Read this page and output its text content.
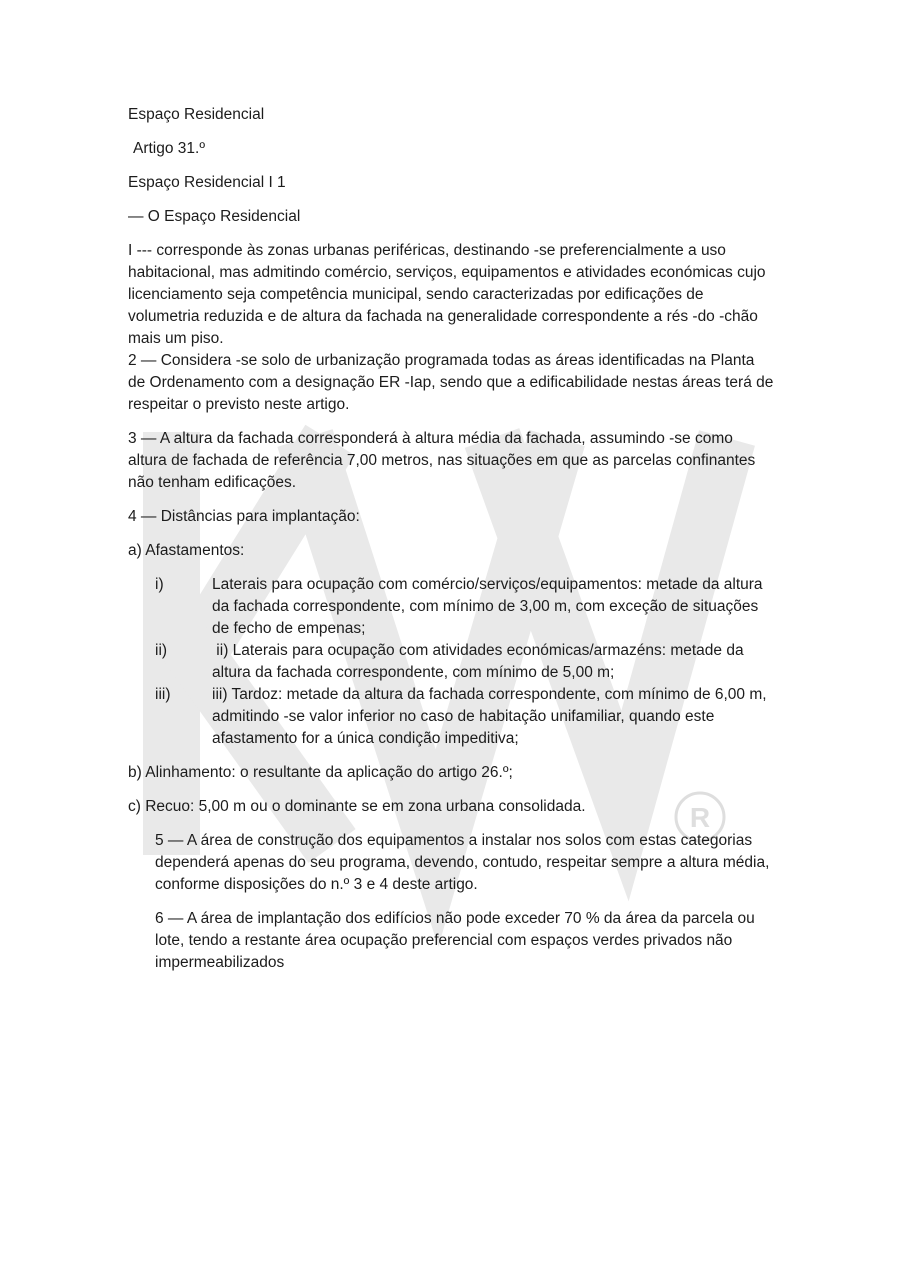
R

Espaço Residencial

Artigo 31.º

Espaço Residencial I 1

— O Espaço Residencial

I --- corresponde às zonas urbanas periféricas, destinando -se preferencialmente a uso habitacional, mas admitindo comércio, serviços, equipamentos e atividades económicas cujo licenciamento seja competência municipal, sendo caracterizadas por edificações de volumetria reduzida e de altura da fachada na generalidade correspondente a rés -do -chão mais um piso.

2 — Considera -se solo de urbanização programada todas as áreas identificadas na Planta de Ordenamento com a designação ER -Iap, sendo que a edificabilidade nestas áreas terá de respeitar o previsto neste artigo.

3 — A altura da fachada corresponderá à altura média da fachada, assumindo -se como altura de fachada de referência 7,00 metros, nas situações em que as parcelas confinantes não tenham edificações.

4 — Distâncias para implantação:

a) Afastamentos:

i)	Laterais para ocupação com comércio/serviços/equipamentos: metade da altura da fachada correspondente, com mínimo de 3,00 m, com exceção de situações de fecho de empenas;
ii)	ii) Laterais para ocupação com atividades económicas/armazéns: metade da altura da fachada correspondente, com mínimo de 5,00 m;
iii)	iii) Tardoz: metade da altura da fachada correspondente, com mínimo de 6,00 m, admitindo -se valor inferior no caso de habitação unifamiliar, quando este afastamento for a única condição impeditiva;

b) Alinhamento: o resultante da aplicação do artigo 26.º;

c) Recuo: 5,00 m ou o dominante se em zona urbana consolidada.

5 — A área de construção dos equipamentos a instalar nos solos com estas categorias dependerá apenas do seu programa, devendo, contudo, respeitar sempre a altura média, conforme disposições do n.º 3 e 4 deste artigo.

6 — A área de implantação dos edifícios não pode exceder 70 % da área da parcela ou lote, tendo a restante área ocupação preferencial com espaços verdes privados não impermeabilizados
